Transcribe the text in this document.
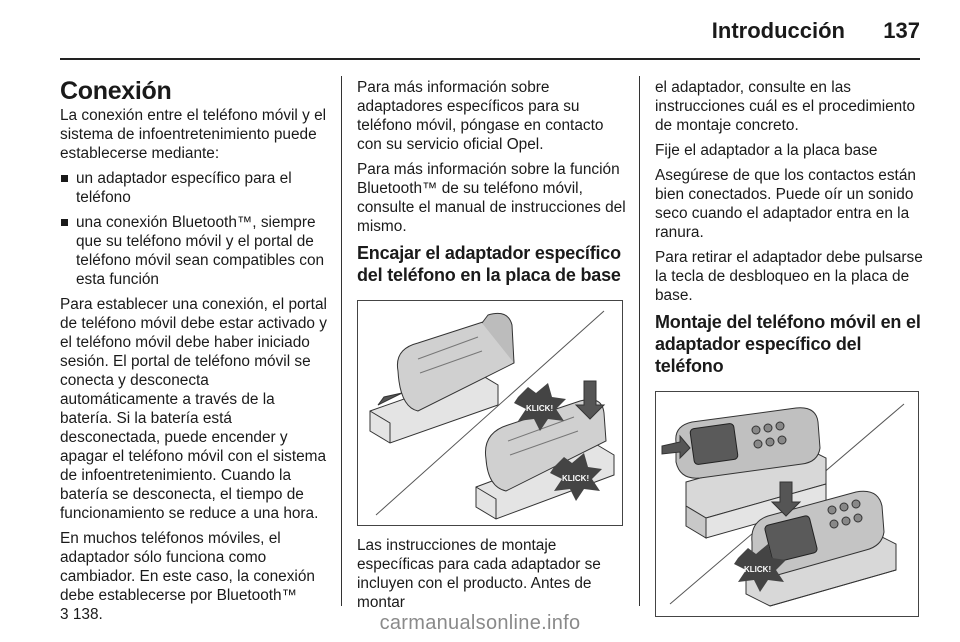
Introducción 137
Conexión

La conexión entre el teléfono móvil y el sistema de infoentretenimiento puede establecerse mediante:

un adaptador específico para el teléfono
una conexión Bluetooth™, siempre que su teléfono móvil y el portal de teléfono móvil sean compatibles con esta función

Para establecer una conexión, el portal de teléfono móvil debe estar activado y el teléfono móvil debe haber iniciado sesión. El portal de teléfono móvil se conecta y desconecta automáticamente a través de la batería. Si la batería está desconectada, puede encender y apagar el teléfono móvil con el sistema de infoentretenimiento. Cuando la batería se desconecta, el tiempo de funcionamiento se reduce a una hora.

En muchos teléfonos móviles, el adaptador sólo funciona como cambiador. En este caso, la conexión debe establecerse por Bluetooth™
3 138.

Para más información sobre adaptadores específicos para su teléfono móvil, póngase en contacto con su servicio oficial Opel.

Para más información sobre la función Bluetooth™ de su teléfono móvil, consulte el manual de instrucciones del mismo.

Encajar el adaptador específico del teléfono en la placa de base
KLICK!
KLICK!

Las instrucciones de montaje específicas para cada adaptador se incluyen con el producto. Antes de montar

el adaptador, consulte en las instrucciones cuál es el procedimiento de montaje concreto.

Fije el adaptador a la placa base

Asegúrese de que los contactos están bien conectados. Puede oír un sonido seco cuando el adaptador entra en la ranura.

Para retirar el adaptador debe pulsarse la tecla de desbloqueo en la placa de base.

Montaje del teléfono móvil en el adaptador específico del teléfono
KLICK!
carmanualsonline.info
